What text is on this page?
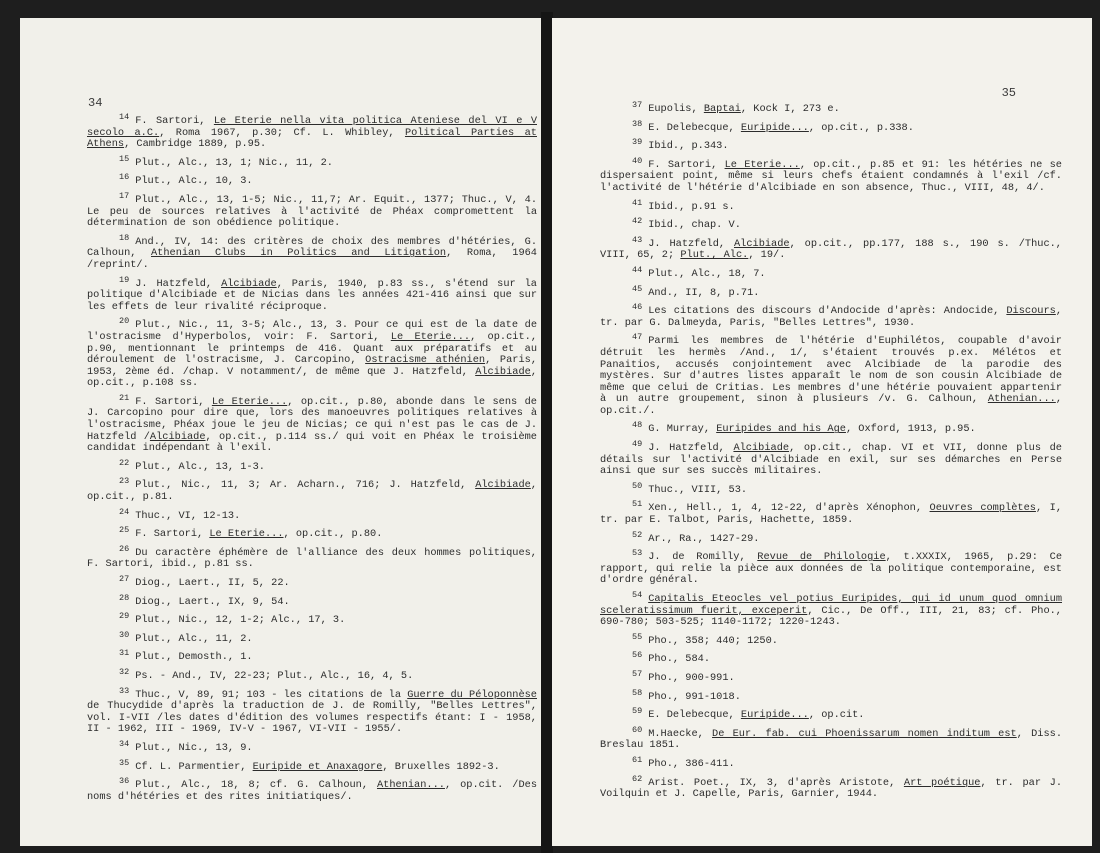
34

$^{14}$ F. Sartori, Le Eterie nella vita politica Ateniese del VI e V secolo a.C., Roma 1967, p.30; Cf. L. Whibley, Political Parties at Athens, Cambridge 1889, p.95.

$^{15}$ Plut., Alc., 13, 1; Nic., 11, 2.

$^{16}$ Plut., Alc., 10, 3.

$^{17}$ Plut., Alc., 13, 1-5; Nic., 11,7; Ar. Equit., 1377; Thuc., V, 4. Le peu de sources relatives à l'activité de Phéax compromettent la détermination de son obédience politique.

$^{18}$ And., IV, 14: des critères de choix des membres d'hétéries, G. Calhoun, Athenian Clubs in Politics and Litigation, Roma, 1964 /reprint/.

$^{19}$ J. Hatzfeld, Alcibiade, Paris, 1940, p.83 ss., s'étend sur la politique d'Alcibiade et de Nicias dans les années 421-416 ainsi que sur les effets de leur rivalité réciproque.

$^{20}$ Plut., Nic., 11, 3-5; Alc., 13, 3. Pour ce qui est de la date de l'ostracisme d'Hyperbolos, voir: F. Sartori, Le Eterie..., op.cit., p.90, mentionnant le printemps de 416. Quant aux préparatifs et au déroulement de l'ostracisme, J. Carcopino, Ostracisme athénien, Paris, 1953, 2ème éd. /chap. V notamment/, de même que J. Hatzfeld, Alcibiade, op.cit., p.108 ss.

$^{21}$ F. Sartori, Le Eterie..., op.cit., p.80, abonde dans le sens de J. Carcopino pour dire que, lors des manoeuvres politiques relatives à l'ostracisme, Phéax joue le jeu de Nicias; ce qui n'est pas le cas de J. Hatzfeld /Alcibiade, op.cit., p.114 ss./ qui voit en Phéax le troisième candidat indépendant à l'exil.

$^{22}$ Plut., Alc., 13, 1-3.

$^{23}$ Plut., Nic., 11, 3; Ar. Acharn., 716; J. Hatzfeld, Alcibiade, op.cit., p.81.

$^{24}$ Thuc., VI, 12-13.

$^{25}$ F. Sartori, Le Eterie..., op.cit., p.80.

$^{26}$ Du caractère éphémère de l'alliance des deux hommes politiques, F. Sartori, ibid., p.81 ss.

$^{27}$ Diog., Laert., II, 5, 22.

$^{28}$ Diog., Laert., IX, 9, 54.

$^{29}$ Plut., Nic., 12, 1-2; Alc., 17, 3.

$^{30}$ Plut., Alc., 11, 2.

$^{31}$ Plut., Demosth., 1.

$^{32}$ Ps. - And., IV, 22-23; Plut., Alc., 16, 4, 5.

$^{33}$ Thuc., V, 89, 91; 103 - les citations de la Guerre du Péloponnèse de Thucydide d'après la traduction de J. de Romilly, "Belles Lettres", vol. I-VII /les dates d'édition des volumes respectifs étant: I - 1958, II - 1962, III - 1969, IV-V - 1967, VI-VII - 1955/.

$^{34}$ Plut., Nic., 13, 9.

$^{35}$ Cf. L. Parmentier, Euripide et Anaxagore, Bruxelles 1892-3.

$^{36}$ Plut., Alc., 18, 8; cf. G. Calhoun, Athenian..., op.cit. /Des noms d'hétéries et des rites initiatiques/.

35

$^{37}$ Eupolis, Baptai, Kock I, 273 e.

$^{38}$ E. Delebecque, Euripide..., op.cit., p.338.

$^{39}$ Ibid., p.343.

$^{40}$ F. Sartori, Le Eterie..., op.cit., p.85 et 91: les hétéries ne se dispersaient point, même si leurs chefs étaient condamnés à l'exil /cf. l'activité de l'hétérie d'Alcibiade en son absence, Thuc., VIII, 48, 4/.

$^{41}$ Ibid., p.91 s.

$^{42}$ Ibid., chap. V.

$^{43}$ J. Hatzfeld, Alcibiade, op.cit., pp.177, 188 s., 190 s. /Thuc., VIII, 65, 2; Plut., Alc., 19/.

$^{44}$ Plut., Alc., 18, 7.

$^{45}$ And., II, 8, p.71.

$^{46}$ Les citations des discours d'Andocide d'après: Andocide, Discours, tr. par G. Dalmeyda, Paris, "Belles Lettres", 1930.

$^{47}$ Parmi les membres de l'hétérie d'Euphilétos, coupable d'avoir détruit les hermès /And., 1/, s'étaient trouvés p.ex. Mélétos et Panaitios, accusés conjointement avec Alcibiade de la parodie des mystères. Sur d'autres listes apparaît le nom de son cousin Alcibiade de même que celui de Critias. Les membres d'une hétérie pouvaient appartenir à un autre groupement, sinon à plusieurs /v. G. Calhoun, Athenian..., op.cit./.

$^{48}$ G. Murray, Euripides and his Age, Oxford, 1913, p.95.

$^{49}$ J. Hatzfeld, Alcibiade, op.cit., chap. VI et VII, donne plus de détails sur l'activité d'Alcibiade en exil, sur ses démarches en Perse ainsi que sur ses succès militaires.

$^{50}$ Thuc., VIII, 53.

$^{51}$ Xen., Hell., 1, 4, 12-22, d'après Xénophon, Oeuvres complètes, I, tr. par E. Talbot, Paris, Hachette, 1859.

$^{52}$ Ar., Ra., 1427-29.

$^{53}$ J. de Romilly, Revue de Philologie, t.XXXIX, 1965, p.29: Ce rapport, qui relie la pièce aux données de la politique contemporaine, est d'ordre général.

$^{54}$ Capitalis Eteocles vel potius Euripides, qui id unum quod omnium sceleratissimum fuerit, exceperit, Cic., De Off., III, 21, 83; cf. Pho., 690-780; 503-525; 1140-1172; 1220-1243.

$^{55}$ Pho., 358; 440; 1250.

$^{56}$ Pho., 584.

$^{57}$ Pho., 900-991.

$^{58}$ Pho., 991-1018.

$^{59}$ E. Delebecque, Euripide..., op.cit.

$^{60}$ M.Haecke, De Eur. fab. cui Phoenissarum nomen inditum est, Diss. Breslau 1851.

$^{61}$ Pho., 386-411.

$^{62}$ Arist. Poet., IX, 3, d'après Aristote, Art poétique, tr. par J. Voilquin et J. Capelle, Paris, Garnier, 1944.
